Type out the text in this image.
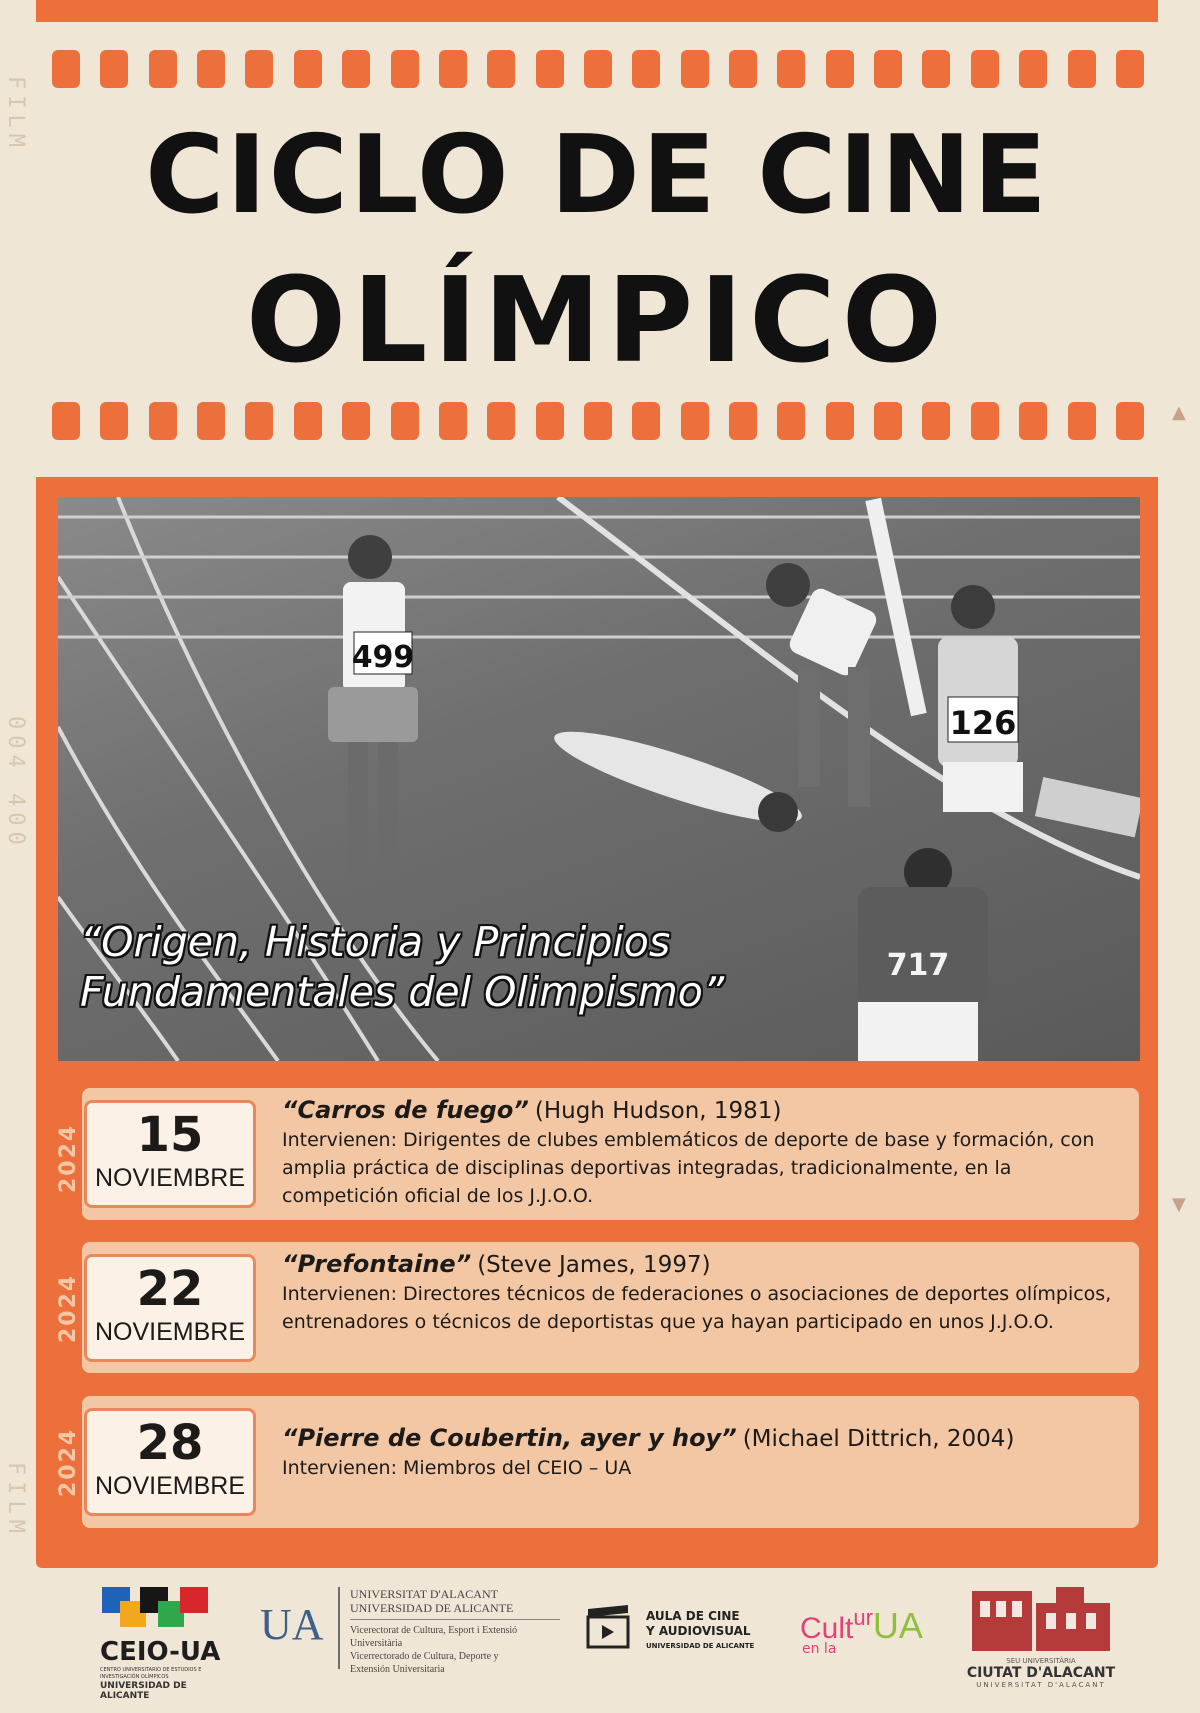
FILM
004 400
FILM
▲
▼
CICLO DE CINE
OLÍMPICO
499
126
717
“Origen, Historia y Principios
Fundamentales del Olimpismo”
2024	15
NOVIEMBRE
“Carros de fuego” (Hugh Hudson, 1981)
Intervienen: Dirigentes de clubes emblemáticos de deporte de base y formación, con amplia práctica de disciplinas deportivas integradas, tradicionalmente, en la competición oficial de los J.J.O.O.
2024	22
NOVIEMBRE
“Prefontaine” (Steve James, 1997)
Intervienen: Directores técnicos de federaciones o asociaciones de deportes olímpicos, entrenadores o técnicos de deportistas que ya hayan participado en unos J.J.O.O.
2024	28
NOVIEMBRE
“Pierre de Coubertin, ayer y hoy” (Michael Dittrich, 2004)
Intervienen: Miembros del CEIO – UA
CEIO-UA
CENTRO UNIVERSITARIO DE ESTUDIOS E INVESTIGACIÓN OLÍMPICOS
UNIVERSIDAD DE ALICANTE
UA
UNIVERSITAT D'ALACANT
UNIVERSIDAD DE ALICANTE
Vicerectorat de Cultura, Esport i Extensió
Universitària
Vicerrectorado de Cultura, Deporte y
Extensión Universitaria
AULA DE CINE
Y AUDIOVISUAL
UNIVERSIDAD DE ALICANTE
CulturUA
en la
SEU UNIVERSITÀRIA
CIUTAT D'ALACANT
UNIVERSITAT D'ALACANT
